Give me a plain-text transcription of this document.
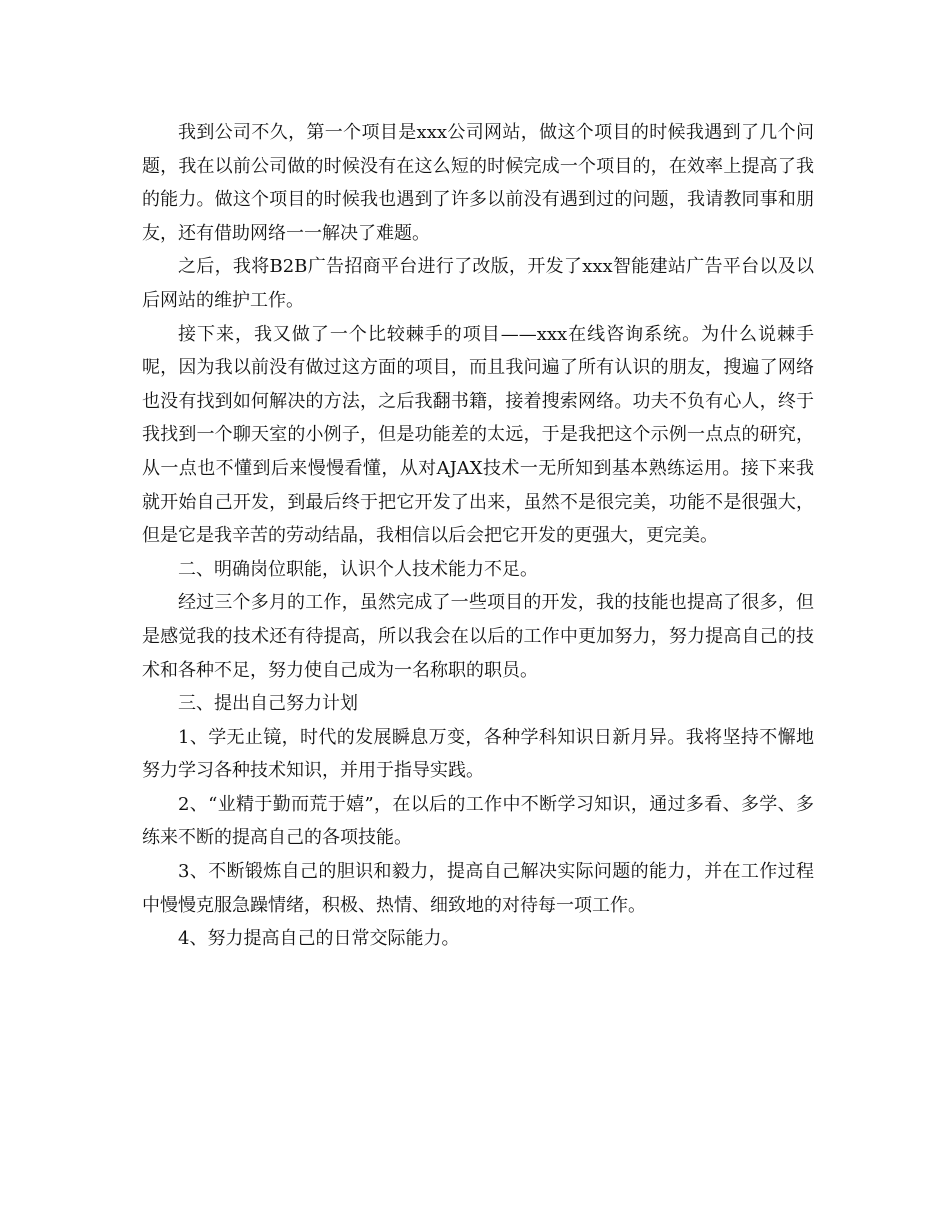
我到公司不久，第一个项目是xxx公司网站，做这个项目的时候我遇到了几个问题，我在以前公司做的时候没有在这么短的时候完成一个项目的，在效率上提高了我的能力。做这个项目的时候我也遇到了许多以前没有遇到过的问题，我请教同事和朋友，还有借助网络一一解决了难题。

之后，我将B2B广告招商平台进行了改版，开发了xxx智能建站广告平台以及以后网站的维护工作。

接下来，我又做了一个比较棘手的项目——xxx在线咨询系统。为什么说棘手呢，因为我以前没有做过这方面的项目，而且我问遍了所有认识的朋友，搜遍了网络也没有找到如何解决的方法，之后我翻书籍，接着搜索网络。功夫不负有心人，终于我找到一个聊天室的小例子，但是功能差的太远，于是我把这个示例一点点的研究，从一点也不懂到后来慢慢看懂，从对AJAX技术一无所知到基本熟练运用。接下来我就开始自己开发，到最后终于把它开发了出来，虽然不是很完美，功能不是很强大，但是它是我辛苦的劳动结晶，我相信以后会把它开发的更强大，更完美。

二、明确岗位职能，认识个人技术能力不足。

经过三个多月的工作，虽然完成了一些项目的开发，我的技能也提高了很多，但是感觉我的技术还有待提高，所以我会在以后的工作中更加努力，努力提高自己的技术和各种不足，努力使自己成为一名称职的职员。

三、提出自己努力计划

1、学无止镜，时代的发展瞬息万变，各种学科知识日新月异。我将坚持不懈地努力学习各种技术知识，并用于指导实践。

2、“业精于勤而荒于嬉”，在以后的工作中不断学习知识，通过多看、多学、多练来不断的提高自己的各项技能。

3、不断锻炼自己的胆识和毅力，提高自己解决实际问题的能力，并在工作过程中慢慢克服急躁情绪，积极、热情、细致地的对待每一项工作。

4、努力提高自己的日常交际能力。
